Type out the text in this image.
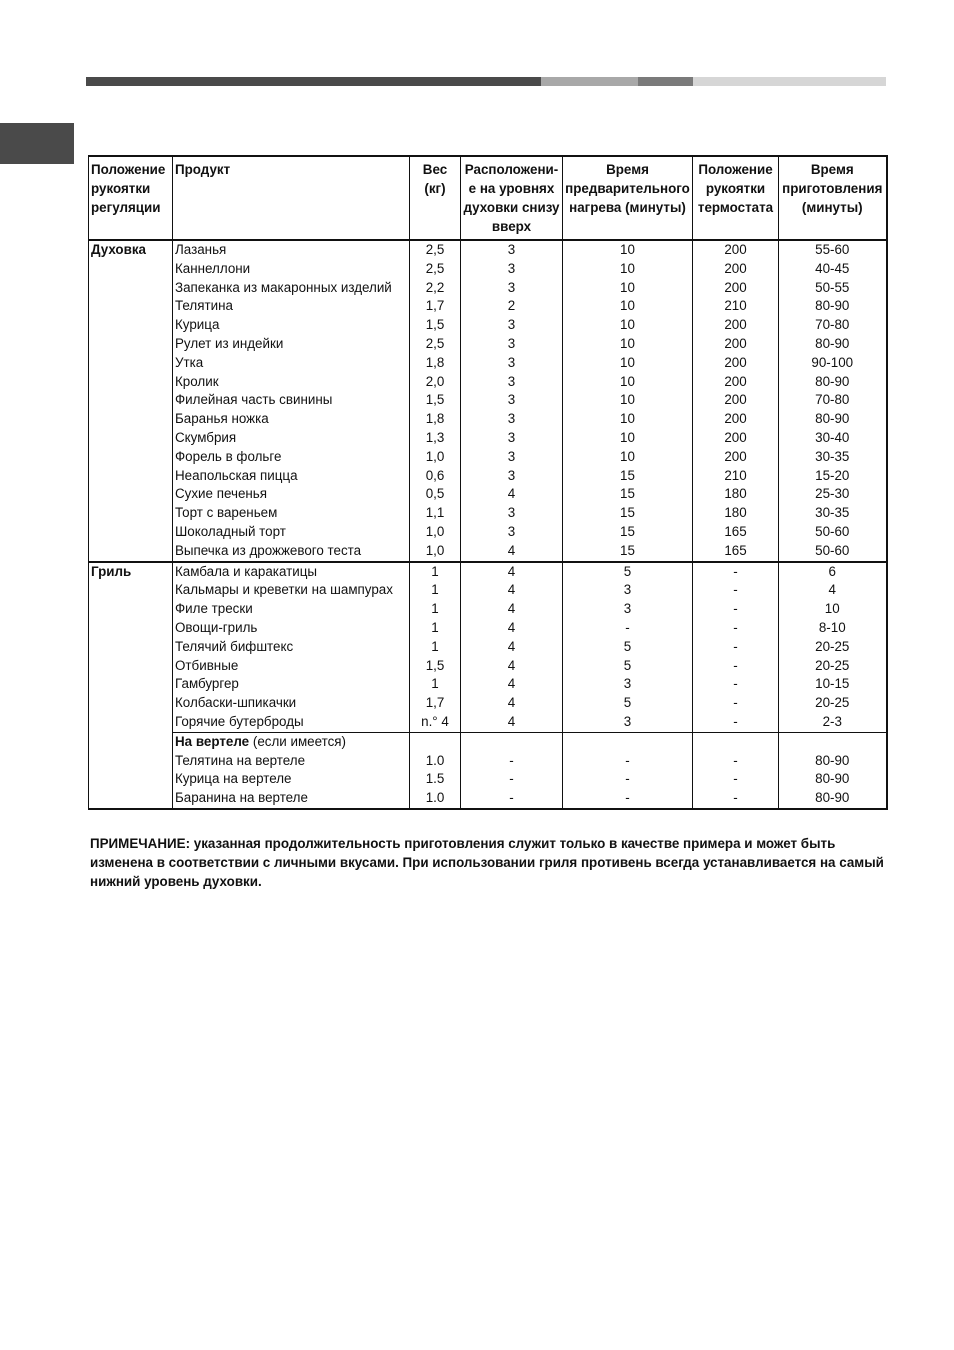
Положение рукоятки регуляции	Продукт	Вес (кг)	Расположени-е на уровнях духовки снизу вверх	Время предварительного нагрева (минуты)	Положение рукоятки термостата	Время приготовления (минуты)
Духовка	Лазанья	2,5	3	10	200	55-60
	Каннеллони	2,5	3	10	200	40-45
	Запеканка из макаронных изделий	2,2	3	10	200	50-55
	Телятина	1,7	2	10	210	80-90
	Курица	1,5	3	10	200	70-80
	Рулет из индейки	2,5	3	10	200	80-90
	Утка	1,8	3	10	200	90-100
	Кролик	2,0	3	10	200	80-90
	Филейная часть свинины	1,5	3	10	200	70-80
	Баранья ножка	1,8	3	10	200	80-90
	Скумбрия	1,3	3	10	200	30-40
	Форель в фольге	1,0	3	10	200	30-35
	Неапольская пицца	0,6	3	15	210	15-20
	Сухие печенья	0,5	4	15	180	25-30
	Торт с вареньем	1,1	3	15	180	30-35
	Шоколадный торт	1,0	3	15	165	50-60
	Выпечка из дрожжевого теста	1,0	4	15	165	50-60
Гриль	Камбала и каракатицы	1	4	5	-	6
	Кальмары и креветки на шампурах	1	4	3	-	4
	Филе трески	1	4	3	-	10
	Овощи-гриль	1	4	-	-	8-10
	Телячий бифштекс	1	4	5	-	20-25
	Отбивные	1,5	4	5	-	20-25
	Гамбургер	1	4	3	-	10-15
	Колбаски-шпикачки	1,7	4	5	-	20-25
	Горячие бутерброды	n.° 4	4	3	-	2-3
	На вертеле (если имеется)					
	Телятина на вертеле	1.0	-	-	-	80-90
	Курица на вертеле	1.5	-	-	-	80-90
	Баранина на вертеле	1.0	-	-	-	80-90

ПРИМЕЧАНИЕ: указанная продолжительность приготовления служит только в качестве примера и может быть изменена в соответствии с личными вкусами. При использовании гриля противень всегда устанавливается на самый нижний уровень духовки.
